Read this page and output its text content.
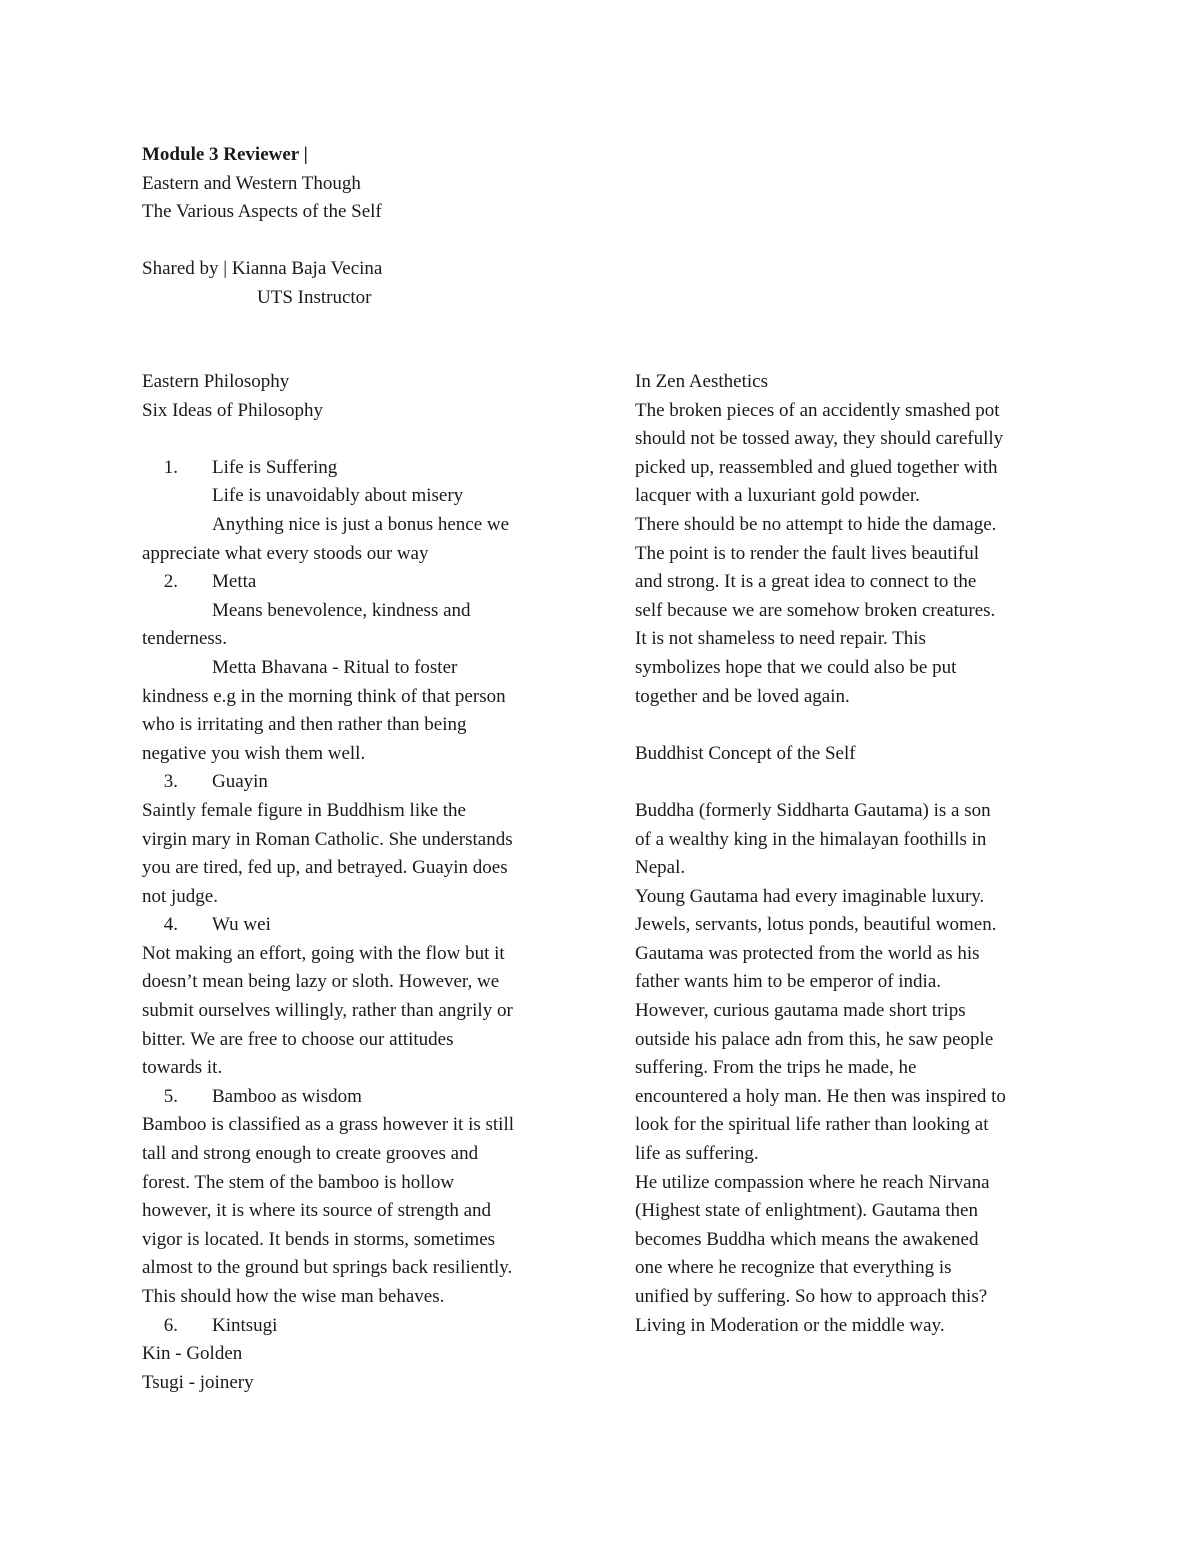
Module 3 Reviewer |
Eastern and Western Though
The Various Aspects of the Self
Shared by | Kianna Baja Vecina
UTS Instructor
Eastern Philosophy
Six Ideas of Philosophy
1. Life is Suffering
Life is unavoidably about misery
Anything nice is just a bonus hence we
appreciate what every stoods our way
2. Metta
Means benevolence, kindness and
tenderness.
Metta Bhavana - Ritual to foster
kindness e.g in the morning think of that person
who is irritating and then rather than being
negative you wish them well.
3. Guayin
Saintly female figure in Buddhism like the
virgin mary in Roman Catholic. She understands
you are tired, fed up, and betrayed. Guayin does
not judge.
4. Wu wei
Not making an effort, going with the flow but it
doesn’t mean being lazy or sloth. However, we
submit ourselves willingly, rather than angrily or
bitter. We are free to choose our attitudes
towards it.
5. Bamboo as wisdom
Bamboo is classified as a grass however it is still
tall and strong enough to create grooves and
forest. The stem of the bamboo is hollow
however, it is where its source of strength and
vigor is located. It bends in storms, sometimes
almost to the ground but springs back resiliently.
This should how the wise man behaves.
6. Kintsugi
Kin - Golden
Tsugi - joinery
In Zen Aesthetics
The broken pieces of an accidently smashed pot
should not be tossed away, they should carefully
picked up, reassembled and glued together with
lacquer with a luxuriant gold powder.
There should be no attempt to hide the damage.
The point is to render the fault lives beautiful
and strong. It is a great idea to connect to the
self because we are somehow broken creatures.
It is not shameless to need repair. This
symbolizes hope that we could also be put
together and be loved again.
Buddhist Concept of the Self
Buddha (formerly Siddharta Gautama) is a son
of a wealthy king in the himalayan foothills in
Nepal.
Young Gautama had every imaginable luxury.
Jewels, servants, lotus ponds, beautiful women.
Gautama was protected from the world as his
father wants him to be emperor of india.
However, curious gautama made short trips
outside his palace adn from this, he saw people
suffering. From the trips he made, he
encountered a holy man. He then was inspired to
look for the spiritual life rather than looking at
life as suffering.
He utilize compassion where he reach Nirvana
(Highest state of enlightment). Gautama then
becomes Buddha which means the awakened
one where he recognize that everything is
unified by suffering. So how to approach this?
Living in Moderation or the middle way.
